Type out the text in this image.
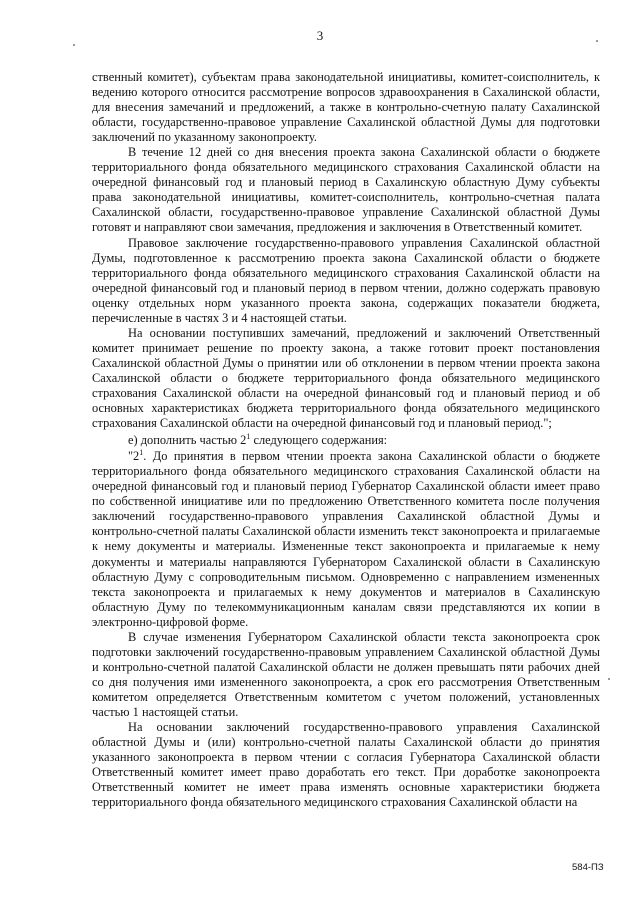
3

ственный комитет), субъектам права законодательной инициативы, комитет-соисполнитель, к ведению которого относится рассмотрение вопросов здравоохранения в Сахалинской области, для внесения замечаний и предложений, а также в контрольно-счетную палату Сахалинской области, государственно-правовое управление Сахалинской областной Думы для подготовки заключений по указанному законопроекту.

В течение 12 дней со дня внесения проекта закона Сахалинской области о бюджете территориального фонда обязательного медицинского страхования Сахалинской области на очередной финансовый год и плановый период в Сахалинскую областную Думу субъекты права законодательной инициативы, комитет-соисполнитель, контрольно-счетная палата Сахалинской области, государственно-правовое управление Сахалинской областной Думы готовят и направляют свои замечания, предложения и заключения в Ответственный комитет.

Правовое заключение государственно-правового управления Сахалинской областной Думы, подготовленное к рассмотрению проекта закона Сахалинской области о бюджете территориального фонда обязательного медицинского страхования Сахалинской области на очередной финансовый год и плановый период в первом чтении, должно содержать правовую оценку отдельных норм указанного проекта закона, содержащих показатели бюджета, перечисленные в частях 3 и 4 настоящей статьи.

На основании поступивших замечаний, предложений и заключений Ответственный комитет принимает решение по проекту закона, а также готовит проект постановления Сахалинской областной Думы о принятии или об отклонении в первом чтении проекта закона Сахалинской области о бюджете территориального фонда обязательного медицинского страхования Сахалинской области на очередной финансовый год и плановый период и об основных характеристиках бюджета территориального фонда обязательного медицинского страхования Сахалинской области на очередной финансовый год и плановый период.";

е) дополнить частью $2^1$ следующего содержания:

"$2^1$. До принятия в первом чтении проекта закона Сахалинской области о бюджете территориального фонда обязательного медицинского страхования Сахалинской области на очередной финансовый год и плановый период Губернатор Сахалинской области имеет право по собственной инициативе или по предложению Ответственного комитета после получения заключений государственно-правового управления Сахалинской областной Думы и контрольно-счетной палаты Сахалинской области изменить текст законопроекта и прилагаемые к нему документы и материалы. Измененные текст законопроекта и прилагаемые к нему документы и материалы направляются Губернатором Сахалинской области в Сахалинскую областную Думу с сопроводительным письмом. Одновременно с направлением измененных текста законопроекта и прилагаемых к нему документов и материалов в Сахалинскую областную Думу по телекоммуникационным каналам связи представляются их копии в электронно-цифровой форме.

В случае изменения Губернатором Сахалинской области текста законопроекта срок подготовки заключений государственно-правовым управлением Сахалинской областной Думы и контрольно-счетной палатой Сахалинской области не должен превышать пяти рабочих дней со дня получения ими измененного законопроекта, а срок его рассмотрения Ответственным комитетом определяется Ответственным комитетом с учетом положений, установленных частью 1 настоящей статьи.

На основании заключений государственно-правового управления Сахалинской областной Думы и (или) контрольно-счетной палаты Сахалинской области до принятия указанного законопроекта в первом чтении с согласия Губернатора Сахалинской области Ответственный комитет имеет право доработать его текст. При доработке законопроекта Ответственный комитет не имеет права изменять основные характеристики бюджета территориального фонда обязательного медицинского страхования Сахалинской области на

584-ПЗ
